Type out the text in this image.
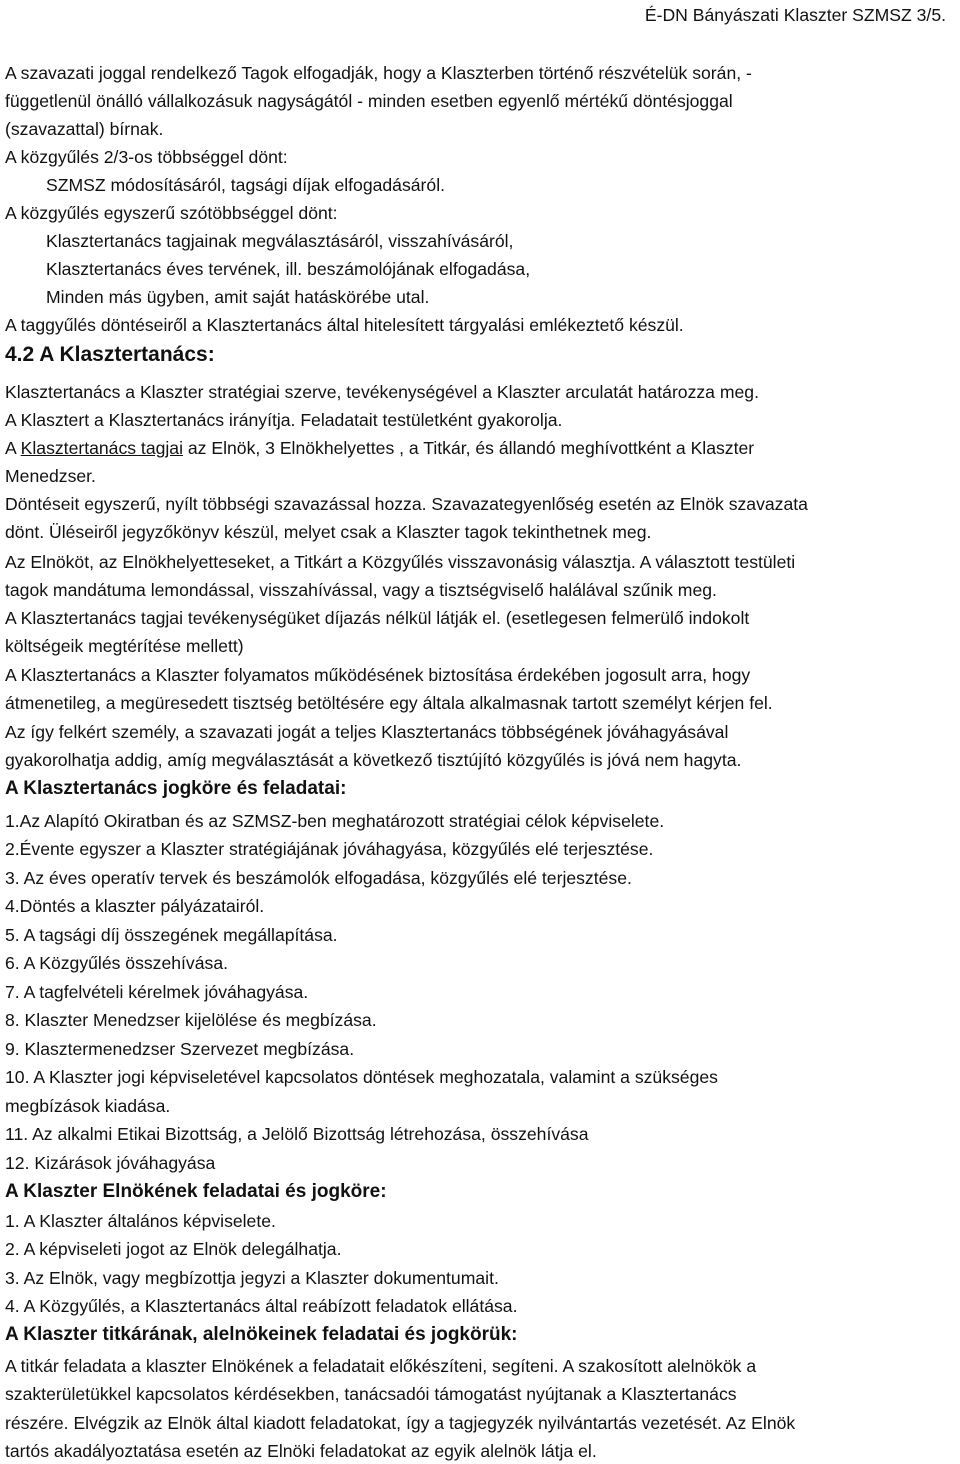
É-DN Bányászati Klaszter SZMSZ 3/5.
A szavazati joggal rendelkező Tagok elfogadják, hogy a Klaszterben történő részvételük során, -
függetlenül önálló vállalkozásuk nagyságától - minden esetben egyenlő mértékű döntésjoggal
(szavazattal) bírnak.
A közgyűlés 2/3-os többséggel dönt:
SZMSZ módosításáról, tagsági díjak elfogadásáról.
A közgyűlés egyszerű szótöbbséggel dönt:
Klasztertanács tagjainak megválasztásáról, visszahívásáról,
Klasztertanács éves tervének, ill. beszámolójának elfogadása,
Minden más ügyben, amit saját hatáskörébe utal.
A taggyűlés döntéseiről a Klasztertanács által hitelesített tárgyalási emlékeztető készül.
4.2 A Klasztertanács:
Klasztertanács a Klaszter stratégiai szerve, tevékenységével a Klaszter arculatát határozza meg.
A Klasztert a Klasztertanács irányítja. Feladatait testületként gyakorolja.
A Klasztertanács tagjai az Elnök, 3 Elnökhelyettes , a Titkár, és állandó meghívottként a Klaszter
Menedzser.
Döntéseit egyszerű, nyílt többségi szavazással hozza. Szavazategyenlőség esetén az Elnök szavazata
dönt. Üléseiről jegyzőkönyv készül, melyet csak a Klaszter tagok tekinthetnek meg.
Az Elnököt, az Elnökhelyetteseket, a Titkárt a Közgyűlés visszavonásig választja. A választott testületi
tagok mandátuma lemondással, visszahívással, vagy a tisztségviselő halálával szűnik meg.
A Klasztertanács tagjai tevékenységüket díjazás nélkül látják el. (esetlegesen felmerülő indokolt
költségeik megtérítése mellett)
A Klasztertanács a Klaszter folyamatos működésének biztosítása érdekében jogosult arra, hogy
átmenetileg, a megüresedett tisztség betöltésére egy általa alkalmasnak tartott személyt kérjen fel.
Az így felkért személy, a szavazati jogát a teljes Klasztertanács többségének jóváhagyásával
gyakorolhatja addig, amíg megválasztását a következő tisztújító közgyűlés is jóvá nem hagyta.
A Klasztertanács jogköre és feladatai:
1.Az Alapító Okiratban és az SZMSZ-ben meghatározott stratégiai célok képviselete.
2.Évente egyszer a Klaszter stratégiájának jóváhagyása, közgyűlés elé terjesztése.
3. Az éves operatív tervek és beszámolók elfogadása, közgyűlés elé terjesztése.
4.Döntés a klaszter pályázatairól.
5. A tagsági díj összegének megállapítása.
6. A Közgyűlés összehívása.
7. A tagfelvételi kérelmek jóváhagyása.
8. Klaszter Menedzser kijelölése és megbízása.
9. Klasztermenedzser Szervezet megbízása.
10. A Klaszter jogi képviseletével kapcsolatos döntések meghozatala, valamint a szükséges
megbízások kiadása.
11. Az alkalmi Etikai Bizottság, a Jelölő Bizottság létrehozása, összehívása
12. Kizárások jóváhagyása
A Klaszter Elnökének feladatai és jogköre:
1. A Klaszter általános képviselete.
2. A képviseleti jogot az Elnök delegálhatja.
3. Az Elnök, vagy megbízottja jegyzi a Klaszter dokumentumait.
4. A Közgyűlés, a Klasztertanács által reábízott feladatok ellátása.
A Klaszter titkárának, alelnökeinek feladatai és jogkörük:
A titkár feladata a klaszter Elnökének a feladatait előkészíteni, segíteni. A szakosított alelnökök a
szakterületükkel kapcsolatos kérdésekben, tanácsadói támogatást nyújtanak a Klasztertanács
részére. Elvégzik az Elnök által kiadott feladatokat, így a tagjegyzék nyilvántartás vezetését. Az Elnök
tartós akadályoztatása esetén az Elnöki feladatokat az egyik alelnök látja el.
